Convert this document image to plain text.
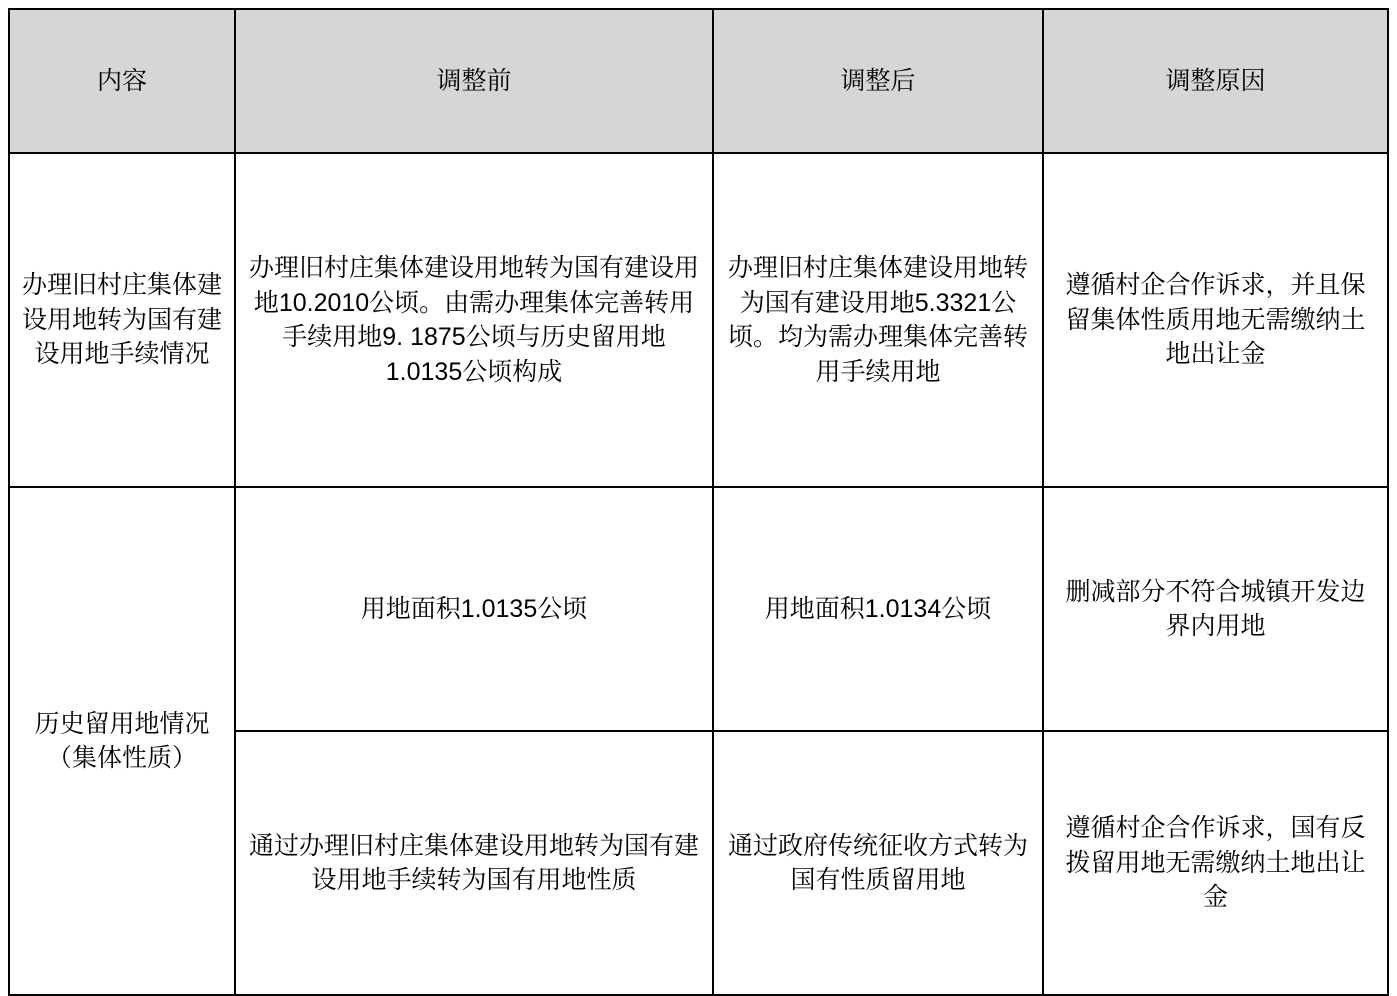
内容	调整前	调整后	调整原因
办理旧村庄集体建设用地转为国有建设用地手续情况	办理旧村庄集体建设用地转为国有建设用地10.2010公顷。由需办理集体完善转用手续用地9. 1875公顷与历史留用地1.0135公顷构成	办理旧村庄集体建设用地转为国有建设用地5.3321公顷。均为需办理集体完善转用手续用地	遵循村企合作诉求，并且保留集体性质用地无需缴纳土地出让金
历史留用地情况（集体性质）	用地面积1.0135公顷	用地面积1.0134公顷	删减部分不符合城镇开发边界内用地
	通过办理旧村庄集体建设用地转为国有建设用地手续转为国有用地性质	通过政府传统征收方式转为国有性质留用地	遵循村企合作诉求，国有反拨留用地无需缴纳土地出让金
